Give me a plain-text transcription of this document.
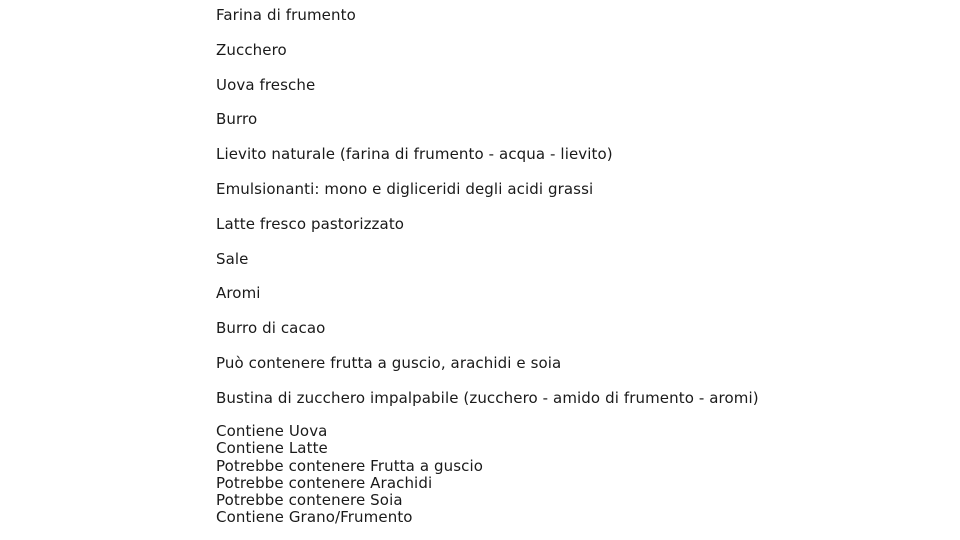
Farina di frumento
Zucchero
Uova fresche
Burro
Lievito naturale (farina di frumento - acqua - lievito)
Emulsionanti: mono e digliceridi degli acidi grassi
Latte fresco pastorizzato
Sale
Aromi
Burro di cacao
Può contenere frutta a guscio, arachidi e soia
Bustina di zucchero impalpabile (zucchero - amido di frumento - aromi)
Contiene Uova
Contiene Latte
Potrebbe contenere Frutta a guscio
Potrebbe contenere Arachidi
Potrebbe contenere Soia
Contiene Grano/Frumento
